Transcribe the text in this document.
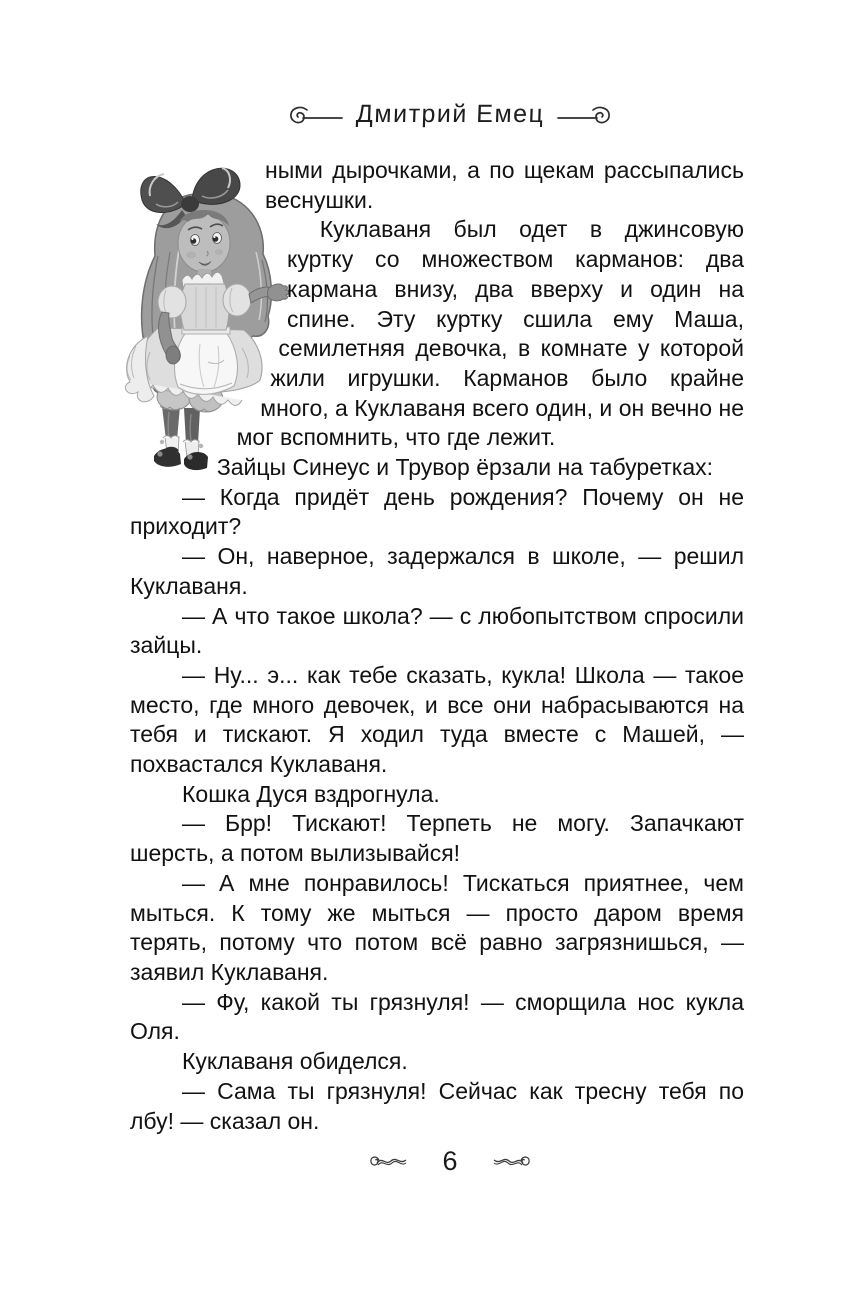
Дмитрий Емец

ными дырочками, а по щекам рассыпались веснушки.

Куклаваня был одет в джинсовую куртку со множеством карманов: два кармана внизу, два вверху и один на спине. Эту куртку сшила ему Маша, семилетняя девочка, в комнате у которой жили игрушки. Карманов было крайне много, а Куклаваня всего один, и он вечно не мог вспомнить, что где лежит.

Зайцы Синеус и Трувор ёрзали на табуретках:

— Когда придёт день рождения? Почему он не приходит?

— Он, наверное, задержался в школе, — решил Куклаваня.

— А что такое школа? — с любопытством спросили зайцы.

— Ну... э... как тебе сказать, кукла! Школа — такое место, где много девочек, и все они набрасываются на тебя и тискают. Я ходил туда вместе с Машей, — похвастался Куклаваня.

Кошка Дуся вздрогнула.

— Брр! Тискают! Терпеть не могу. Запачкают шерсть, а потом вылизывайся!

— А мне понравилось! Тискаться приятнее, чем мыться. К тому же мыться — просто даром время терять, потому что потом всё равно загрязнишься, — заявил Куклаваня.

— Фу, какой ты грязнуля! — сморщила нос кукла Оля.

Куклаваня обиделся.

— Сама ты грязнуля! Сейчас как тресну тебя по лбу! — сказал он.

6
